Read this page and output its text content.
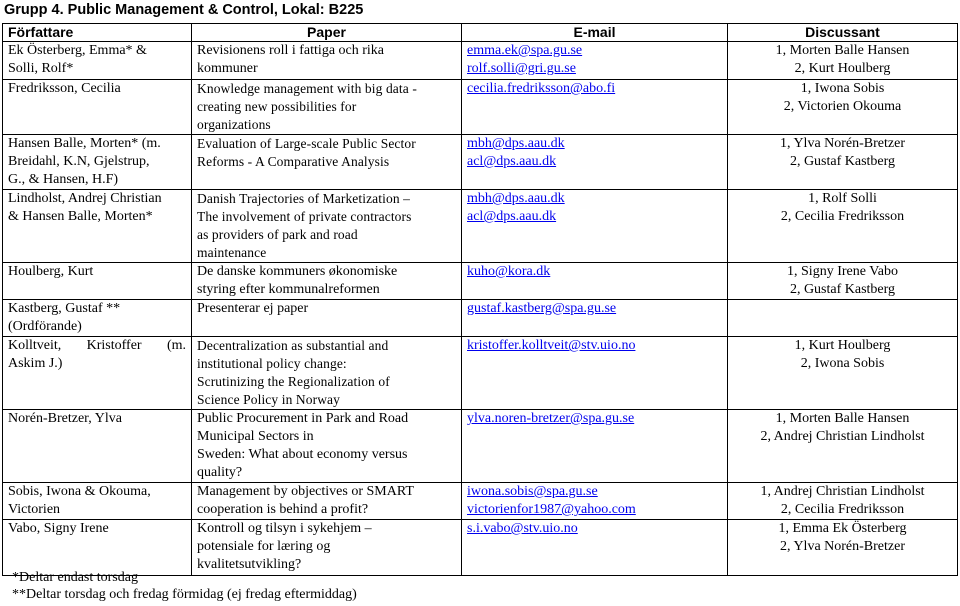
Grupp 4. Public Management & Control, Lokal: B225
Författare	Paper	E-mail	Discussant

Ek Österberg, Emma* &
Solli, Rolf*	Revisionens roll i fattiga och rika
kommuner	emma.ek@spa.gu.se
rolf.solli@gri.gu.se	1, Morten Balle Hansen
2, Kurt Houlberg

Fredriksson, Cecilia	Knowledge management with big data -
creating new possibilities for
organizations	cecilia.fredriksson@abo.fi	1, Iwona Sobis
2, Victorien Okouma

Hansen Balle, Morten* (m.
Breidahl, K.N, Gjelstrup,
G., & Hansen, H.F)	Evaluation of Large-scale Public Sector
Reforms - A Comparative Analysis	mbh@dps.aau.dk
acl@dps.aau.dk	1, Ylva Norén-Bretzer
2, Gustaf Kastberg

Lindholst, Andrej Christian
& Hansen Balle, Morten*	Danish Trajectories of Marketization –
The involvement of private contractors
as providers of park and road
maintenance	mbh@dps.aau.dk
acl@dps.aau.dk	1, Rolf Solli
2, Cecilia Fredriksson

Houlberg, Kurt	De danske kommuners økonomiske
styring efter kommunalreformen	kuho@kora.dk	1, Signy Irene Vabo
2, Gustaf Kastberg

Kastberg, Gustaf **
(Ordförande)	Presenterar ej paper	gustaf.kastberg@spa.gu.se	

Kolltveit, Kristoffer (m.
Askim J.)	Decentralization as substantial and
institutional policy change:
Scrutinizing the Regionalization of
Science Policy in Norway	kristoffer.kolltveit@stv.uio.no	1, Kurt Houlberg
2, Iwona Sobis

Norén-Bretzer, Ylva	Public Procurement in Park and Road
Municipal Sectors in
Sweden: What about economy versus
quality?	ylva.noren-bretzer@spa.gu.se	1, Morten Balle Hansen
2, Andrej Christian Lindholst

Sobis, Iwona & Okouma,
Victorien	Management by objectives or SMART
cooperation is behind a profit?	iwona.sobis@spa.gu.se
victorienfor1987@yahoo.com	1, Andrej Christian Lindholst
2, Cecilia Fredriksson

Vabo, Signy Irene	Kontroll og tilsyn i sykehjem –
potensiale for læring og
kvalitetsutvikling?	s.i.vabo@stv.uio.no	1, Emma Ek Österberg
2, Ylva Norén-Bretzer
*Deltar endast torsdag
**Deltar torsdag och fredag förmidag (ej fredag eftermiddag)
